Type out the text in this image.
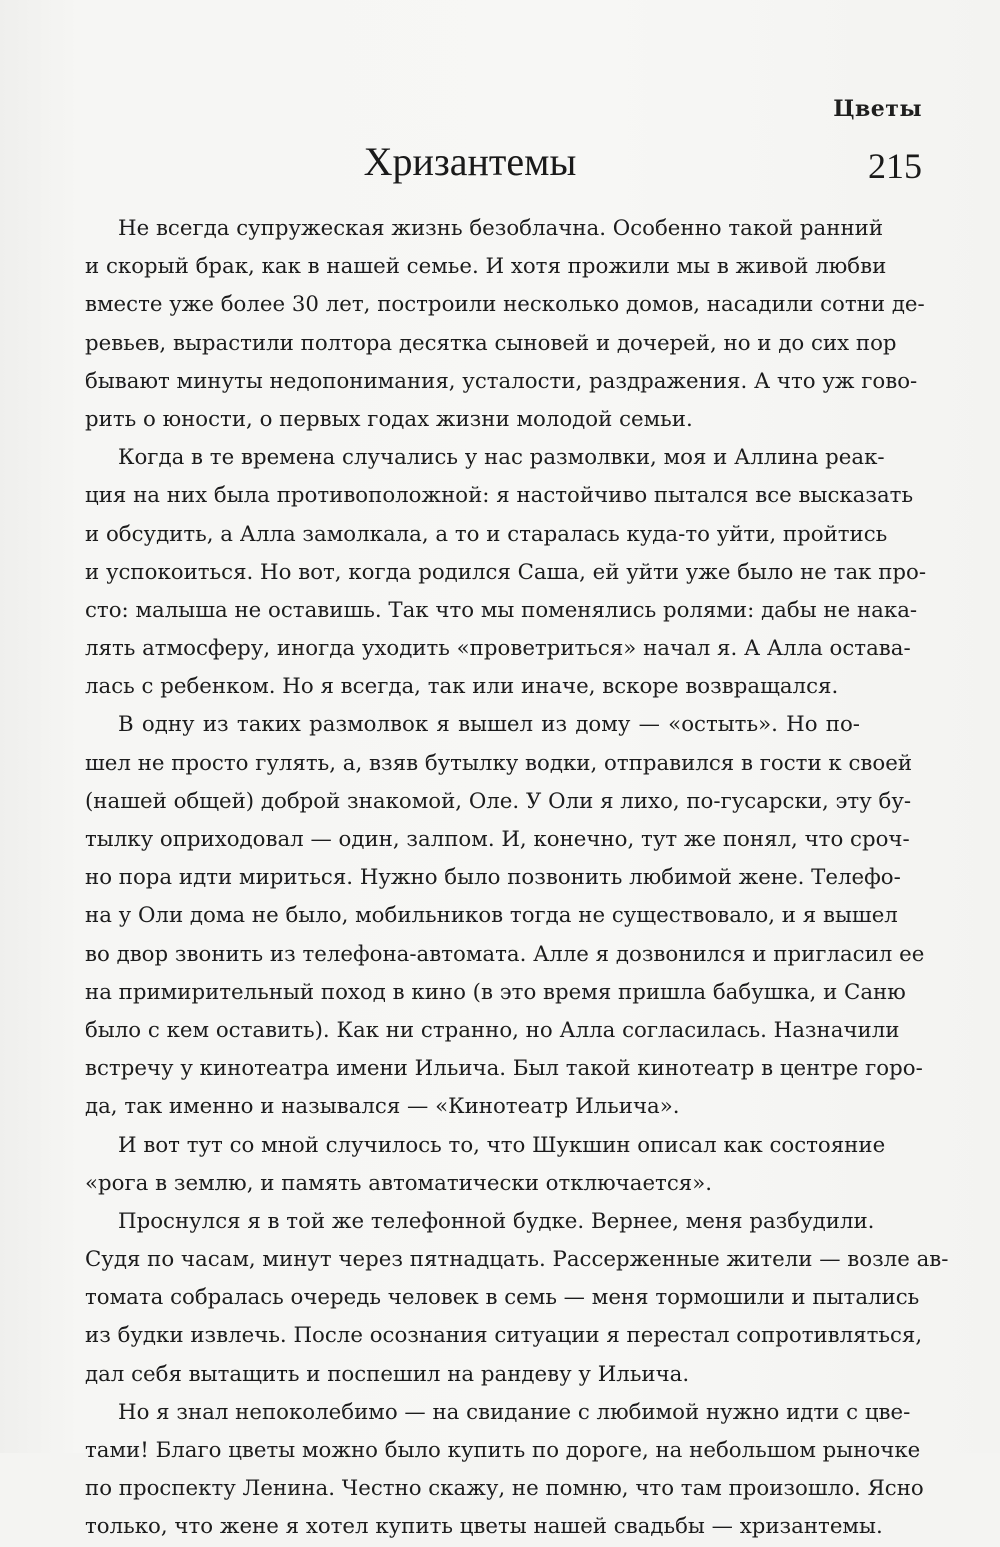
Цветы
215
Хризантемы
Не всегда супружеская жизнь безоблачна. Особенно такой ранний
и скорый брак, как в нашей семье. И хотя прожили мы в живой любви
вместе уже более 30 лет, построили несколько домов, насадили сотни де-
ревьев, вырастили полтора десятка сыновей и дочерей, но и до сих пор
бывают минуты недопонимания, усталости, раздражения. А что уж гово-
рить о юности, о первых годах жизни молодой семьи.
Когда в те времена случались у нас размолвки, моя и Аллина реак-
ция на них была противоположной: я настойчиво пытался все высказать
и обсудить, а Алла замолкала, а то и старалась куда-то уйти, пройтись
и успокоиться. Но вот, когда родился Саша, ей уйти уже было не так про-
сто: малыша не оставишь. Так что мы поменялись ролями: дабы не нака-
лять атмосферу, иногда уходить «проветриться» начал я. А Алла остава-
лась с ребенком. Но я всегда, так или иначе, вскоре возвращался.
В одну из таких размолвок я вышел из дому — «остыть». Но по-
шел не просто гулять, а, взяв бутылку водки, отправился в гости к своей
(нашей общей) доброй знакомой, Оле. У Оли я лихо, по-гусарски, эту бу-
тылку оприходовал — один, залпом. И, конечно, тут же понял, что сроч-
но пора идти мириться. Нужно было позвонить любимой жене. Телефо-
на у Оли дома не было, мобильников тогда не существовало, и я вышел
во двор звонить из телефона-автомата. Алле я дозвонился и пригласил ее
на примирительный поход в кино (в это время пришла бабушка, и Саню
было с кем оставить). Как ни странно, но Алла согласилась. Назначили
встречу у кинотеатра имени Ильича. Был такой кинотеатр в центре горо-
да, так именно и назывался — «Кинотеатр Ильича».
И вот тут со мной случилось то, что Шукшин описал как состояние
«рога в землю, и память автоматически отключается».
Проснулся я в той же телефонной будке. Вернее, меня разбудили.
Судя по часам, минут через пятнадцать. Рассерженные жители — возле ав-
томата собралась очередь человек в семь — меня тормошили и пытались
из будки извлечь. После осознания ситуации я перестал сопротивляться,
дал себя вытащить и поспешил на рандеву у Ильича.
Но я знал непоколебимо — на свидание с любимой нужно идти с цве-
тами! Благо цветы можно было купить по дороге, на небольшом рыночке
по проспекту Ленина. Честно скажу, не помню, что там произошло. Ясно
только, что жене я хотел купить цветы нашей свадьбы — хризантемы.
